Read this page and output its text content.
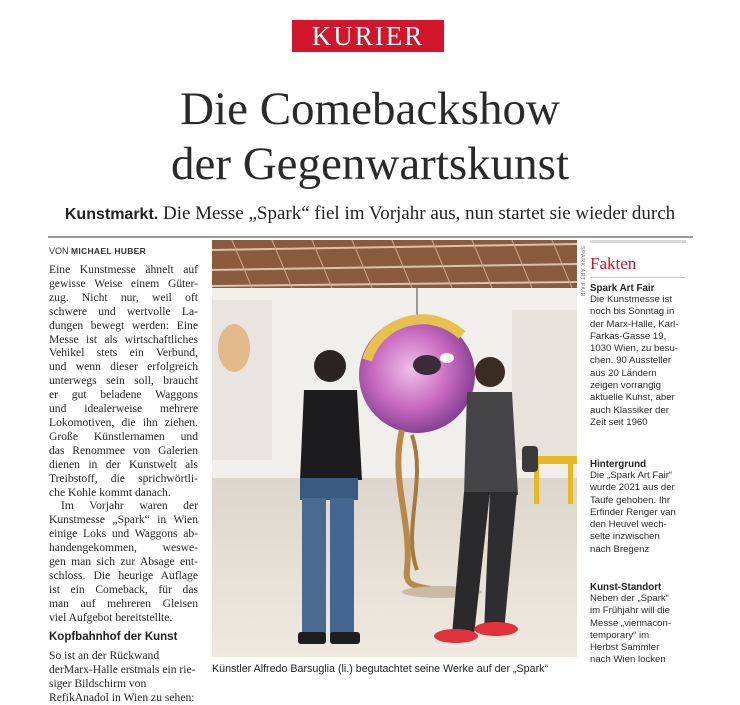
KURIER
Die Comebackshow
der Gegenwartskunst
Kunstmarkt. Die Messe „Spark“ fiel im Vorjahr aus, nun startet sie wieder durch
VON MICHAEL HUBER

Eine Kunstmesse ähnelt auf
gewisse Weise einem Güter-
zug. Nicht nur, weil oft
schwere und wertvolle La-
dungen bewegt werden: Eine
Messe ist als wirtschaftliches
Vehikel stets ein Verbund,
und wenn dieser erfolgreich
unterwegs sein soll, braucht
er gut beladene Waggons
und idealerweise mehrere
Lokomotiven, die ihn ziehen.
Große Künstlernamen und
das Renommee von Galerien
dienen in der Kunstwelt als
Treibstoff, die sprichwörtli-
che Kohle kommt danach.

Im Vorjahr waren der
Kunstmesse „Spark“ in Wien
einige Loks und Waggons ab-
handengekommen, weswe-
gen man sich zur Absage ent-
schloss. Die heurige Auflage
ist ein Comeback, für das
man auf mehreren Gleisen
viel Aufgebot bereitstellte.

Kopfbahnhof der Kunst
So ist an der Rückwand derMarx-Halle erstmals ein rie-siger Bildschirm von RefikAnadol in Wien zu sehen:
SPARK ART FAIR
Künstler Alfredo Barsuglia (li.) begutachtet seine Werke auf der „Spark“
Fakten
Spark Art Fair
Die Kunstmesse ist
noch bis Sonntag in
der Marx-Halle, Karl-
Farkas-Gasse 19,
1030 Wien, zu besu-
chen. 90 Aussteller
aus 20 Ländern
zeigen vorrangig
aktuelle Kunst, aber
auch Klassiker der
Zeit seit 1960
Hintergrund
Die „Spark Art Fair“
wurde 2021 aus der
Taufe gehoben. Ihr
Erfinder Renger van
den Heuvel wech-
selte inzwischen
nach Bregenz
Kunst-Standort
Neben der „Spark“
im Frühjahr will die
Messe „viennacon-
temporary“ im
Herbst Sammler
nach Wien locken
